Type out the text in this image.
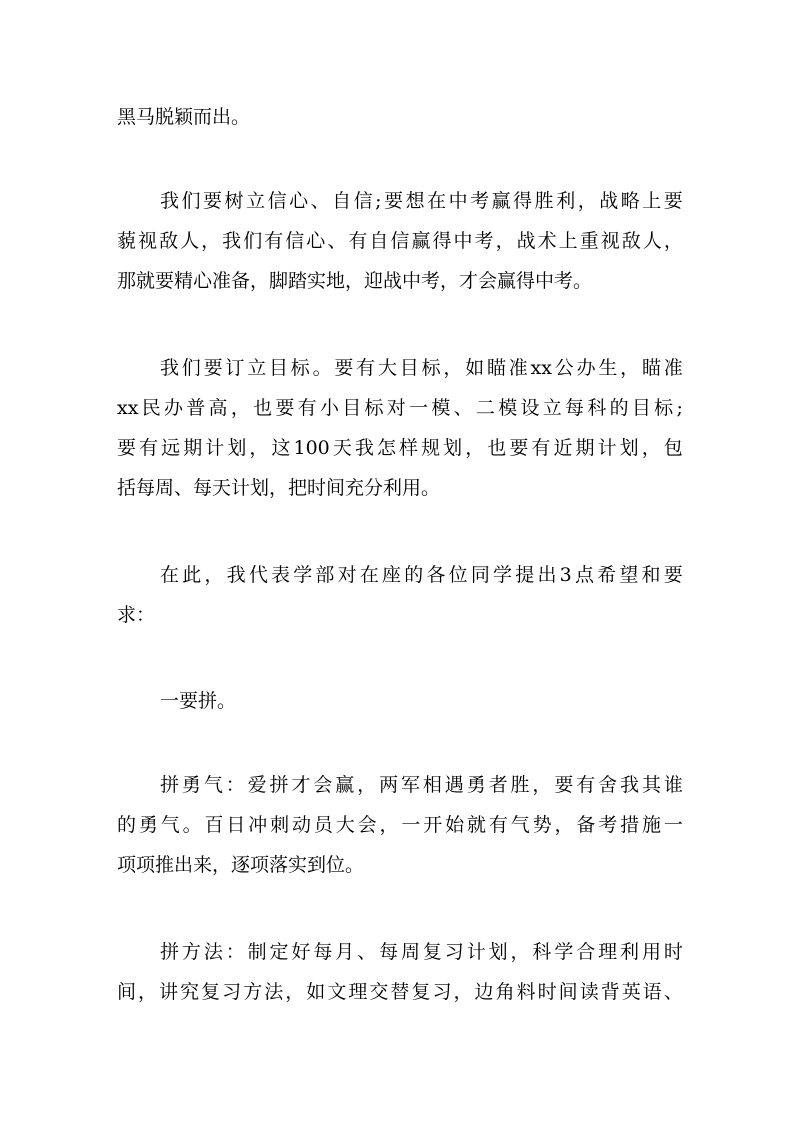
黑马脱颖而出。
我 们 要 树 立 信 心 、 自 信 ; 要 想 在 中 考 赢 得 胜 利 ， 战 略 上 要
藐 视 敌 人 ， 我 们 有 信 心 、 有 自 信 赢 得 中 考 ， 战 术 上 重 视 敌 人 ，
那就要精心准备，脚踏实地，迎战中考，才会赢得中考。
我 们 要 订 立 目 标 。 要 有 大 目 标 ， 如 瞄 准 xx 公 办 生 ， 瞄 准
xx 民 办 普 高 ， 也 要 有 小 目 标 对 一 模 、 二 模 设 立 每 科 的 目 标 ;
要 有 远 期 计 划 ， 这 100 天 我 怎 样 规 划 ， 也 要 有 近 期 计 划 ， 包
括每周、每天计划，把时间充分利用。
在 此 ， 我 代 表 学 部 对 在 座 的 各 位 同 学 提 出 3 点 希 望 和 要
求：
一要拼。
拼 勇 气 ： 爱 拼 才 会 赢 ， 两 军 相 遇 勇 者 胜 ， 要 有 舍 我 其 谁
的 勇 气 。 百 日 冲 刺 动 员 大 会 ， 一 开 始 就 有 气 势 ， 备 考 措 施 一
项项推出来，逐项落实到位。
拼 方 法 ： 制 定 好 每 月 、 每 周 复 习 计 划 ， 科 学 合 理 利 用 时
间 ， 讲 究 复 习 方 法 ， 如 文 理 交 替 复 习 ， 边 角 料 时 间 读 背 英 语 、
